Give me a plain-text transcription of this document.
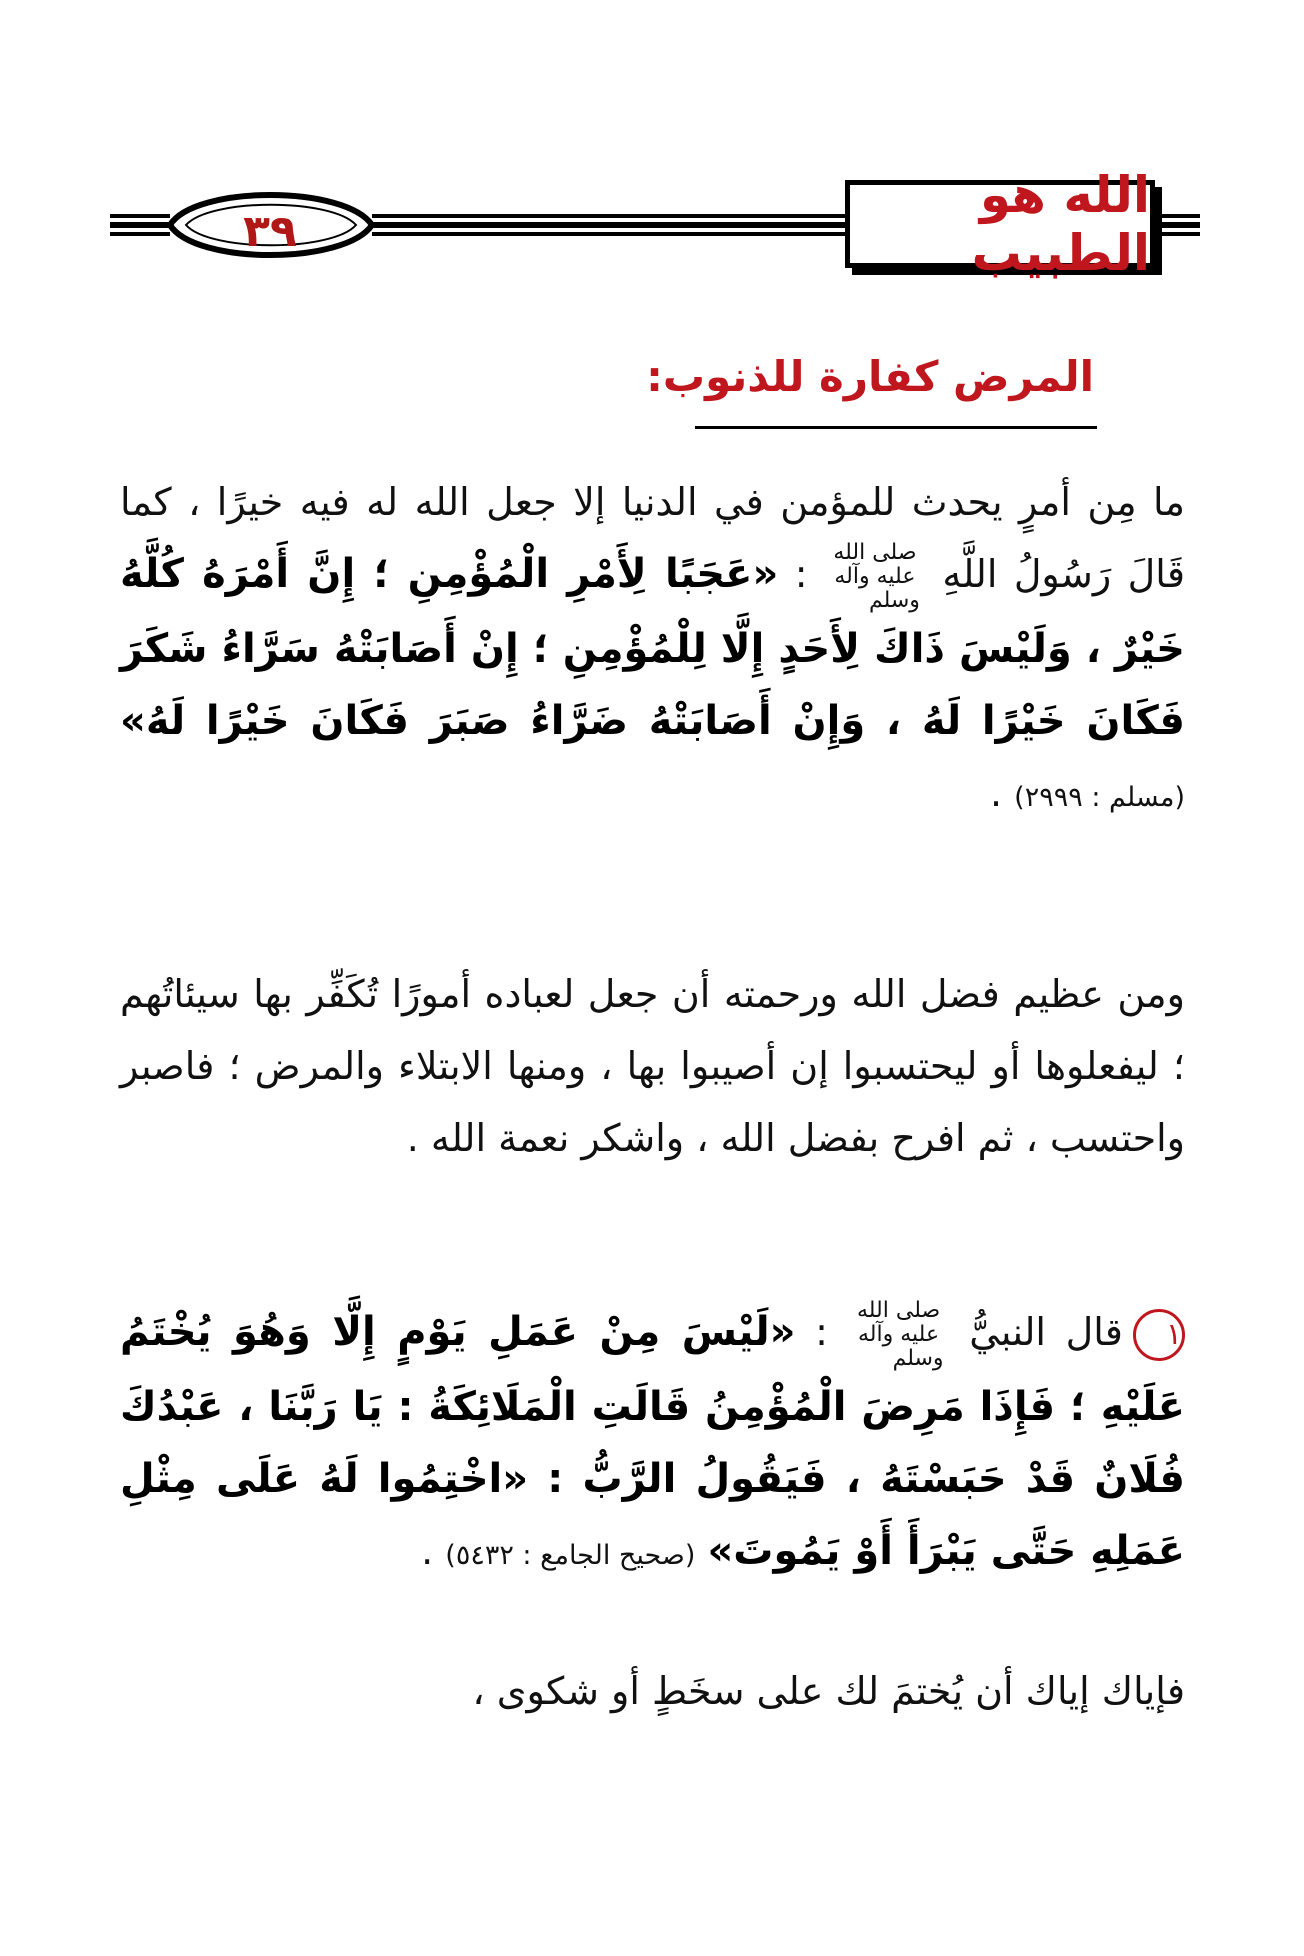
٣٩
الله هو الطبيب
المرض كفارة للذنوب:
ما مِن أمرٍ يحدث للمؤمن في الدنيا إلا جعل الله له فيه خيرًا ، كما قَالَ رَسُولُ اللَّهِ صلى الله عليه وآله وسلم : «عَجَبًا لِأَمْرِ الْمُؤْمِنِ ؛ إِنَّ أَمْرَهُ كُلَّهُ خَيْرٌ ، وَلَيْسَ ذَاكَ لِأَحَدٍ إِلَّا لِلْمُؤْمِنِ ؛ إِنْ أَصَابَتْهُ سَرَّاءُ شَكَرَ فَكَانَ خَيْرًا لَهُ ، وَإِنْ أَصَابَتْهُ ضَرَّاءُ صَبَرَ فَكَانَ خَيْرًا لَهُ» (مسلم : ٢٩٩٩) .
ومن عظيم فضل الله ورحمته أن جعل لعباده أمورًا تُكَفِّر بها سيئاتُهم ؛ ليفعلوها أو ليحتسبوا إن أصيبوا بها ، ومنها الابتلاء والمرض ؛ فاصبر واحتسب ، ثم افرح بفضل الله ، واشكر نعمة الله .
١قال النبيُّ صلى الله عليه وآله وسلم : «لَيْسَ مِنْ عَمَلِ يَوْمٍ إِلَّا وَهُوَ يُخْتَمُ عَلَيْهِ ؛ فَإِذَا مَرِضَ الْمُؤْمِنُ قَالَتِ الْمَلَائِكَةُ : يَا رَبَّنَا ، عَبْدُكَ فُلَانٌ قَدْ حَبَسْتَهُ ، فَيَقُولُ الرَّبُّ : «اخْتِمُوا لَهُ عَلَى مِثْلِ عَمَلِهِ حَتَّى يَبْرَأَ أَوْ يَمُوتَ» (صحيح الجامع : ٥٤٣٢) .
فإياك إياك أن يُختمَ لك على سخَطٍ أو شكوى ،
